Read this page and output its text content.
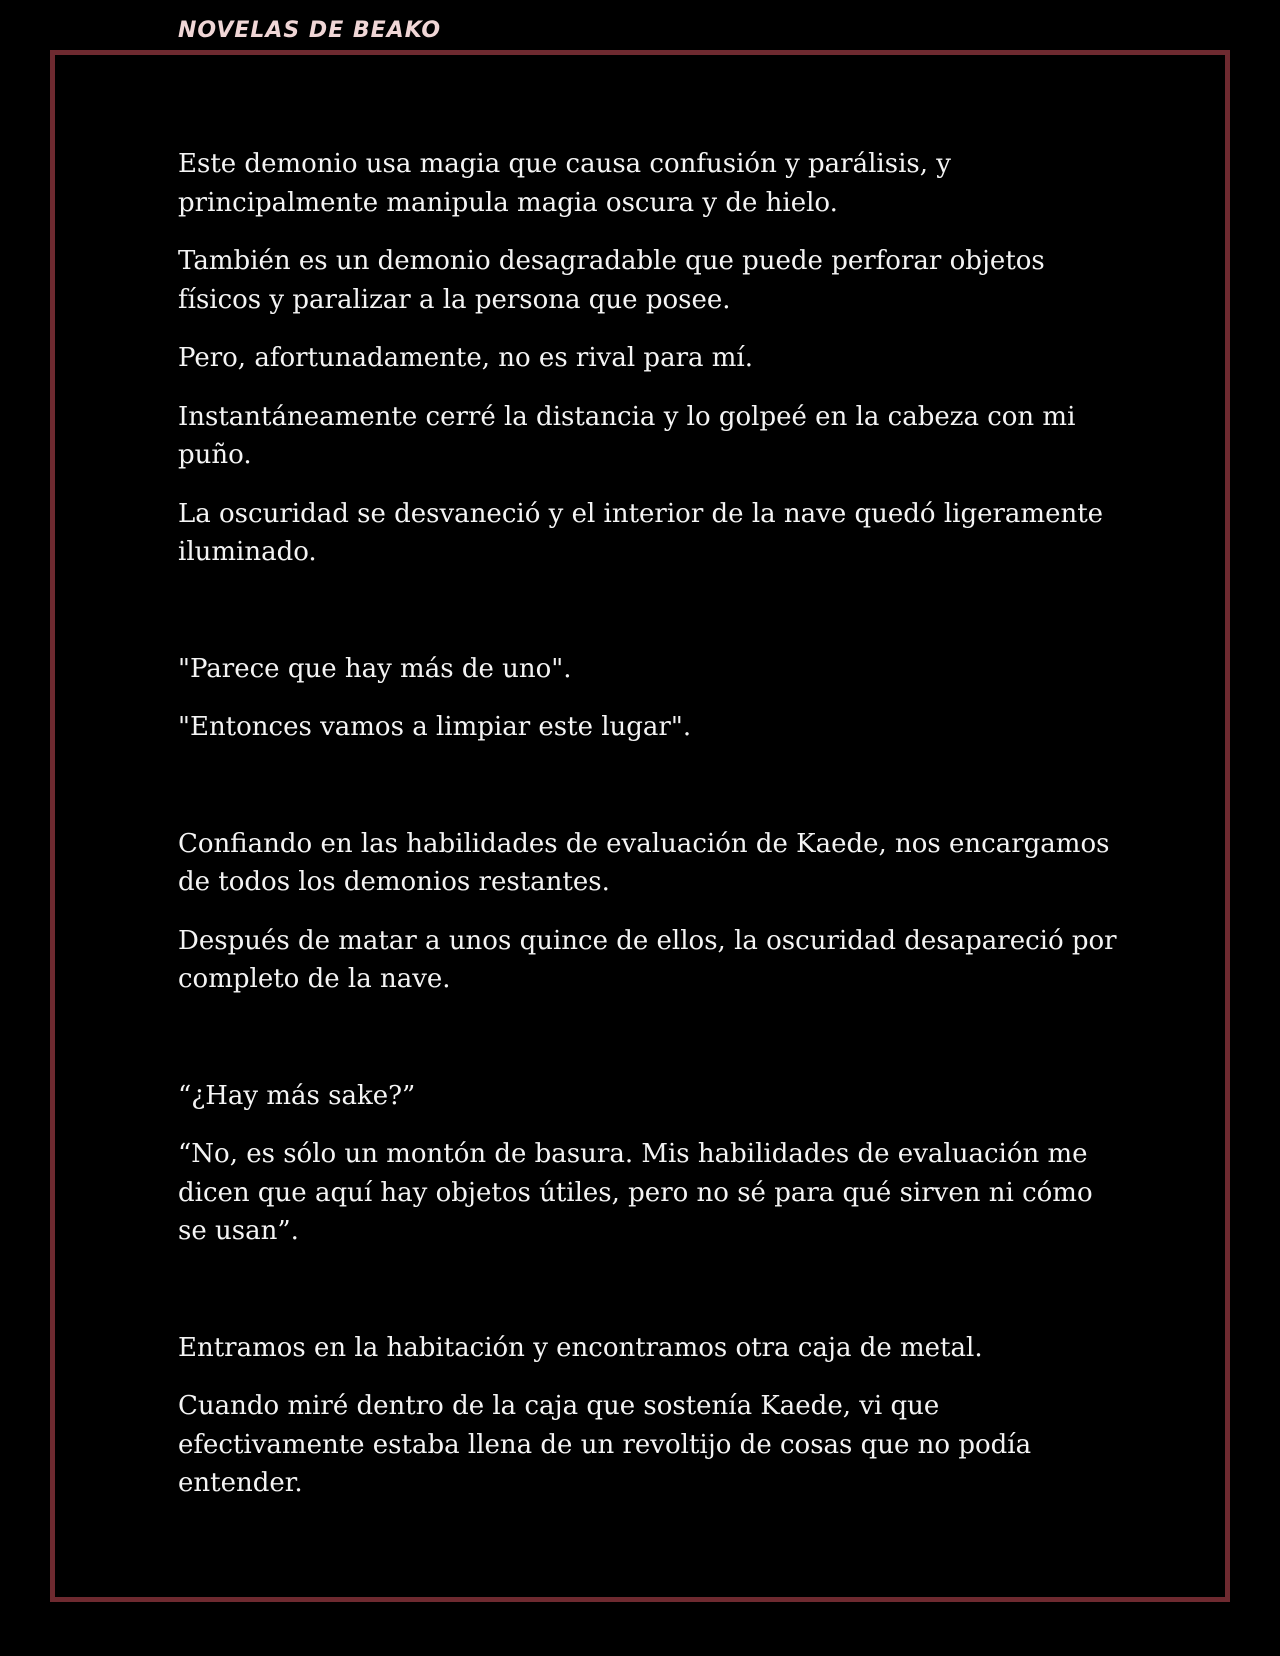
NOVELAS DE BEAKO

Este demonio usa magia que causa confusión y parálisis, y principalmente manipula magia oscura y de hielo.

También es un demonio desagradable que puede perforar objetos físicos y paralizar a la persona que posee.

Pero, afortunadamente, no es rival para mí.

Instantáneamente cerré la distancia y lo golpeé en la cabeza con mi puño.

La oscuridad se desvaneció y el interior de la nave quedó ligeramente iluminado.

"Parece que hay más de uno".

"Entonces vamos a limpiar este lugar".

Confiando en las habilidades de evaluación de Kaede, nos encargamos de todos los demonios restantes.

Después de matar a unos quince de ellos, la oscuridad desapareció por completo de la nave.

“¿Hay más sake?”

“No, es sólo un montón de basura. Mis habilidades de evaluación me dicen que aquí hay objetos útiles, pero no sé para qué sirven ni cómo se usan”.

Entramos en la habitación y encontramos otra caja de metal.

Cuando miré dentro de la caja que sostenía Kaede, vi que efectivamente estaba llena de un revoltijo de cosas que no podía entender.
